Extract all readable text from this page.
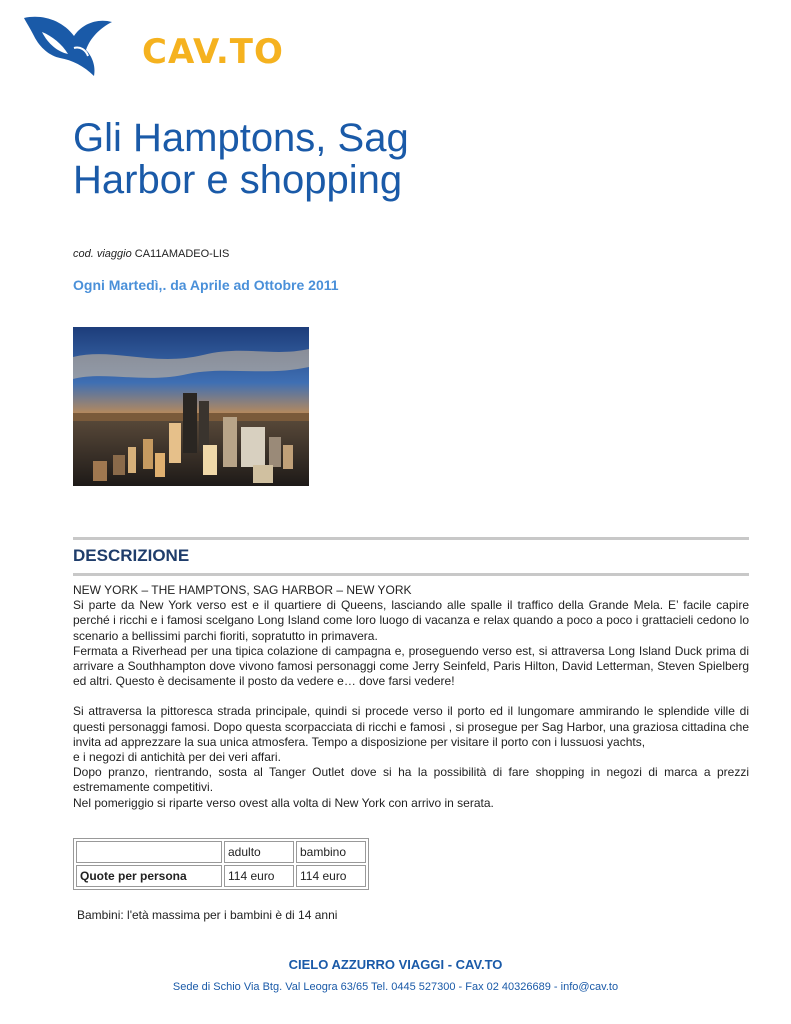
CAV.TO
Gli Hamptons, Sag Harbor e shopping
cod. viaggio CA11AMADEO-LIS
Ogni Martedì,. da Aprile ad Ottobre 2011
DESCRIZIONE

NEW YORK – THE HAMPTONS, SAG HARBOR – NEW YORK

Si parte da New York verso est e il quartiere di Queens, lasciando alle spalle il traffico della Grande Mela. E’ facile capire perché i ricchi e i famosi scelgano Long Island come loro luogo di vacanza e relax quando a poco a poco i grattacieli cedono lo scenario a bellissimi parchi fioriti, sopratutto in primavera.

Fermata a Riverhead per una tipica colazione di campagna e, proseguendo verso est, si attraversa Long Island Duck prima di arrivare a Southhampton dove vivono famosi personaggi come Jerry Seinfeld, Paris Hilton, David Letterman, Steven Spielberg ed altri. Questo è decisamente il posto da vedere e… dove farsi vedere!

Si attraversa la pittoresca strada principale, quindi si procede verso il porto ed il lungomare ammirando le splendide ville di questi personaggi famosi. Dopo questa scorpacciata di ricchi e famosi , si prosegue per Sag Harbor, una graziosa cittadina che invita ad apprezzare la sua unica atmosfera. Tempo a disposizione per visitare il porto con i lussuosi yachts,

e i negozi di antichità per dei veri affari.

Dopo pranzo, rientrando, sosta al Tanger Outlet dove si ha la possibilità di fare shopping in negozi di marca a prezzi estremamente competitivi.

Nel pomeriggio si riparte verso ovest alla volta di New York con arrivo in serata.

	adulto	bambino
Quote per persona	114 euro	114 euro
Bambini: l'età massima per i bambini è di 14 anni
CIELO AZZURRO VIAGGI - CAV.TO
Sede di Schio Via Btg. Val Leogra 63/65 Tel. 0445 527300 - Fax 02 40326689 - info@cav.to
